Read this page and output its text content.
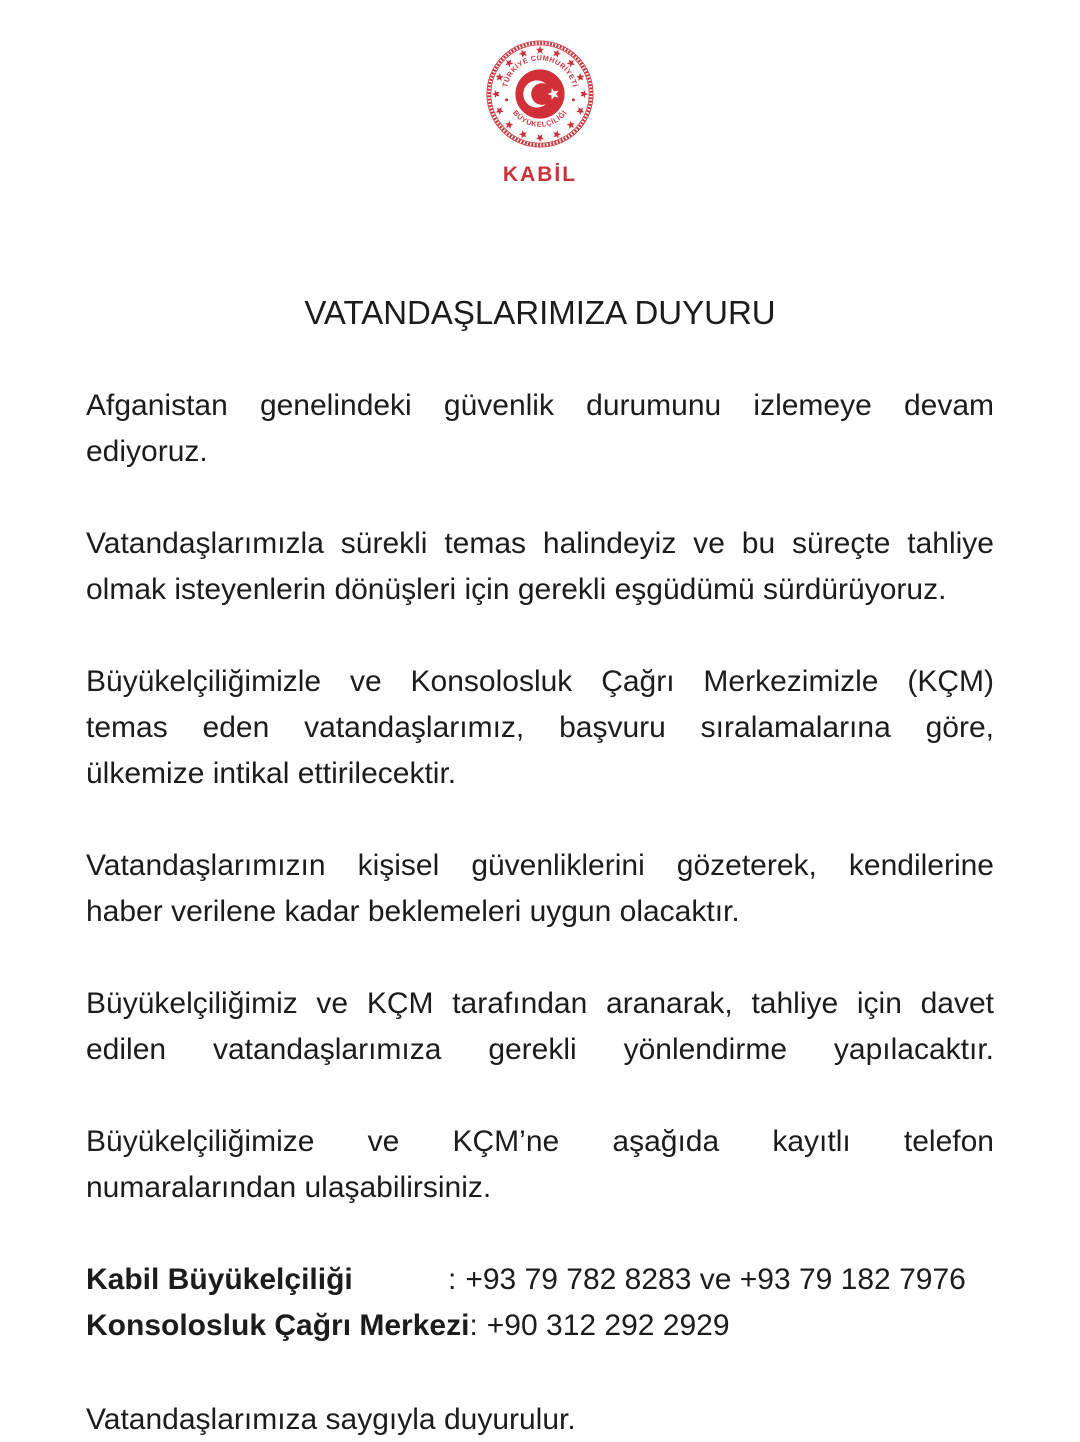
TÜRKİYE CUMHURİYETİ
BÜYÜKELÇİLİĞİ
KABİL
VATANDAŞLARIMIZA DUYURU

Afganistan genelindeki güvenlik durumunu izlemeye devam
ediyoruz.

Vatandaşlarımızla sürekli temas halindeyiz ve bu süreçte tahliye
olmak isteyenlerin dönüşleri için gerekli eşgüdümü sürdürüyoruz.

Büyükelçiliğimizle ve Konsolosluk Çağrı Merkezimizle (KÇM)
temas eden vatandaşlarımız, başvuru sıralamalarına göre,
ülkemize intikal ettirilecektir.

Vatandaşlarımızın kişisel güvenliklerini gözeterek, kendilerine
haber verilene kadar beklemeleri uygun olacaktır.

Büyükelçiliğimiz ve KÇM tarafından aranarak, tahliye için davet
edilen vatandaşlarımıza gerekli yönlendirme yapılacaktır.

Büyükelçiliğimize ve KÇM’ne aşağıda kayıtlı telefon
numaralarından ulaşabilirsiniz.

Kabil Büyükelçiliği	: +93 79 782 8283 ve +93 79 182 7976
Konsolosluk Çağrı Merkezi: +90 312 292 2929
Vatandaşlarımıza saygıyla duyurulur.
